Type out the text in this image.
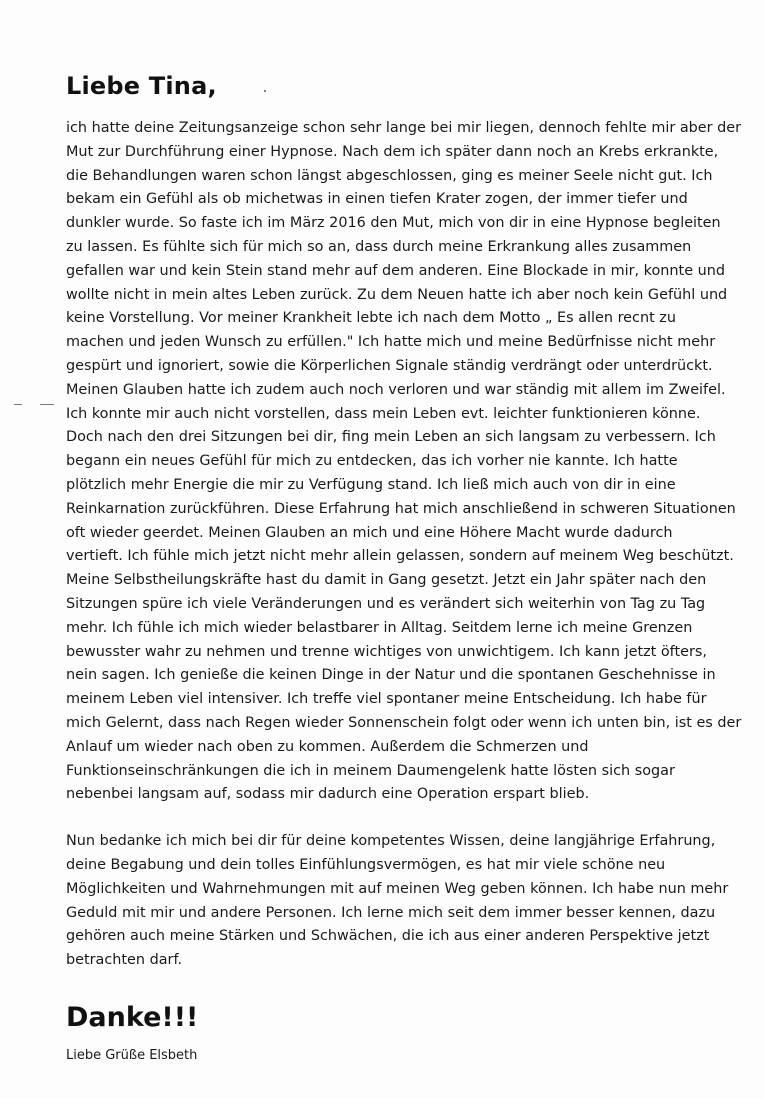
Liebe Tina,
ich hatte deine Zeitungsanzeige schon sehr lange bei mir liegen, dennoch fehlte mir aber der
Mut zur Durchführung einer Hypnose. Nach dem ich später dann noch an Krebs erkrankte,
die Behandlungen waren schon längst abgeschlossen, ging es meiner Seele nicht gut. Ich
bekam ein Gefühl als ob michetwas in einen tiefen Krater zogen, der immer tiefer und
dunkler wurde. So faste ich im März 2016 den Mut, mich von dir in eine Hypnose begleiten
zu lassen. Es fühlte sich für mich so an, dass durch meine Erkrankung alles zusammen
gefallen war und kein Stein stand mehr auf dem anderen. Eine Blockade in mir, konnte und
wollte nicht in mein altes Leben zurück. Zu dem Neuen hatte ich aber noch kein Gefühl und
keine Vorstellung. Vor meiner Krankheit lebte ich nach dem Motto „ Es allen recnt zu
machen und jeden Wunsch zu erfüllen." Ich hatte mich und meine Bedürfnisse nicht mehr
gespürt und ignoriert, sowie die Körperlichen Signale ständig verdrängt oder unterdrückt.
Meinen Glauben hatte ich zudem auch noch verloren und war ständig mit allem im Zweifel.
Ich konnte mir auch nicht vorstellen, dass mein Leben evt. leichter funktionieren könne.
Doch nach den drei Sitzungen bei dir, fing mein Leben an sich langsam zu verbessern. Ich
begann ein neues Gefühl für mich zu entdecken, das ich vorher nie kannte. Ich hatte
plötzlich mehr Energie die mir zu Verfügung stand. Ich ließ mich auch von dir in eine
Reinkarnation zurückführen. Diese Erfahrung hat mich anschließend in schweren Situationen
oft wieder geerdet. Meinen Glauben an mich und eine Höhere Macht wurde dadurch
vertieft. Ich fühle mich jetzt nicht mehr allein gelassen, sondern auf meinem Weg beschützt.
Meine Selbstheilungskräfte hast du damit in Gang gesetzt. Jetzt ein Jahr später nach den
Sitzungen spüre ich viele Veränderungen und es verändert sich weiterhin von Tag zu Tag
mehr. Ich fühle ich mich wieder belastbarer in Alltag. Seitdem lerne ich meine Grenzen
bewusster wahr zu nehmen und trenne wichtiges von unwichtigem. Ich kann jetzt öfters,
nein sagen. Ich genieße die keinen Dinge in der Natur und die spontanen Geschehnisse in
meinem Leben viel intensiver. Ich treffe viel spontaner meine Entscheidung. Ich habe für
mich Gelernt, dass nach Regen wieder Sonnenschein folgt oder wenn ich unten bin, ist es der
Anlauf um wieder nach oben zu kommen. Außerdem die Schmerzen und
Funktionseinschränkungen die ich in meinem Daumengelenk hatte lösten sich sogar
nebenbei langsam auf, sodass mir dadurch eine Operation erspart blieb.
Nun bedanke ich mich bei dir für deine kompetentes Wissen, deine langjährige Erfahrung,
deine Begabung und dein tolles Einfühlungsvermögen, es hat mir viele schöne neu
Möglichkeiten und Wahrnehmungen mit auf meinen Weg geben können. Ich habe nun mehr
Geduld mit mir und andere Personen. Ich lerne mich seit dem immer besser kennen, dazu
gehören auch meine Stärken und Schwächen, die ich aus einer anderen Perspektive jetzt
betrachten darf.
Danke!!!

Liebe Grüße Elsbeth
